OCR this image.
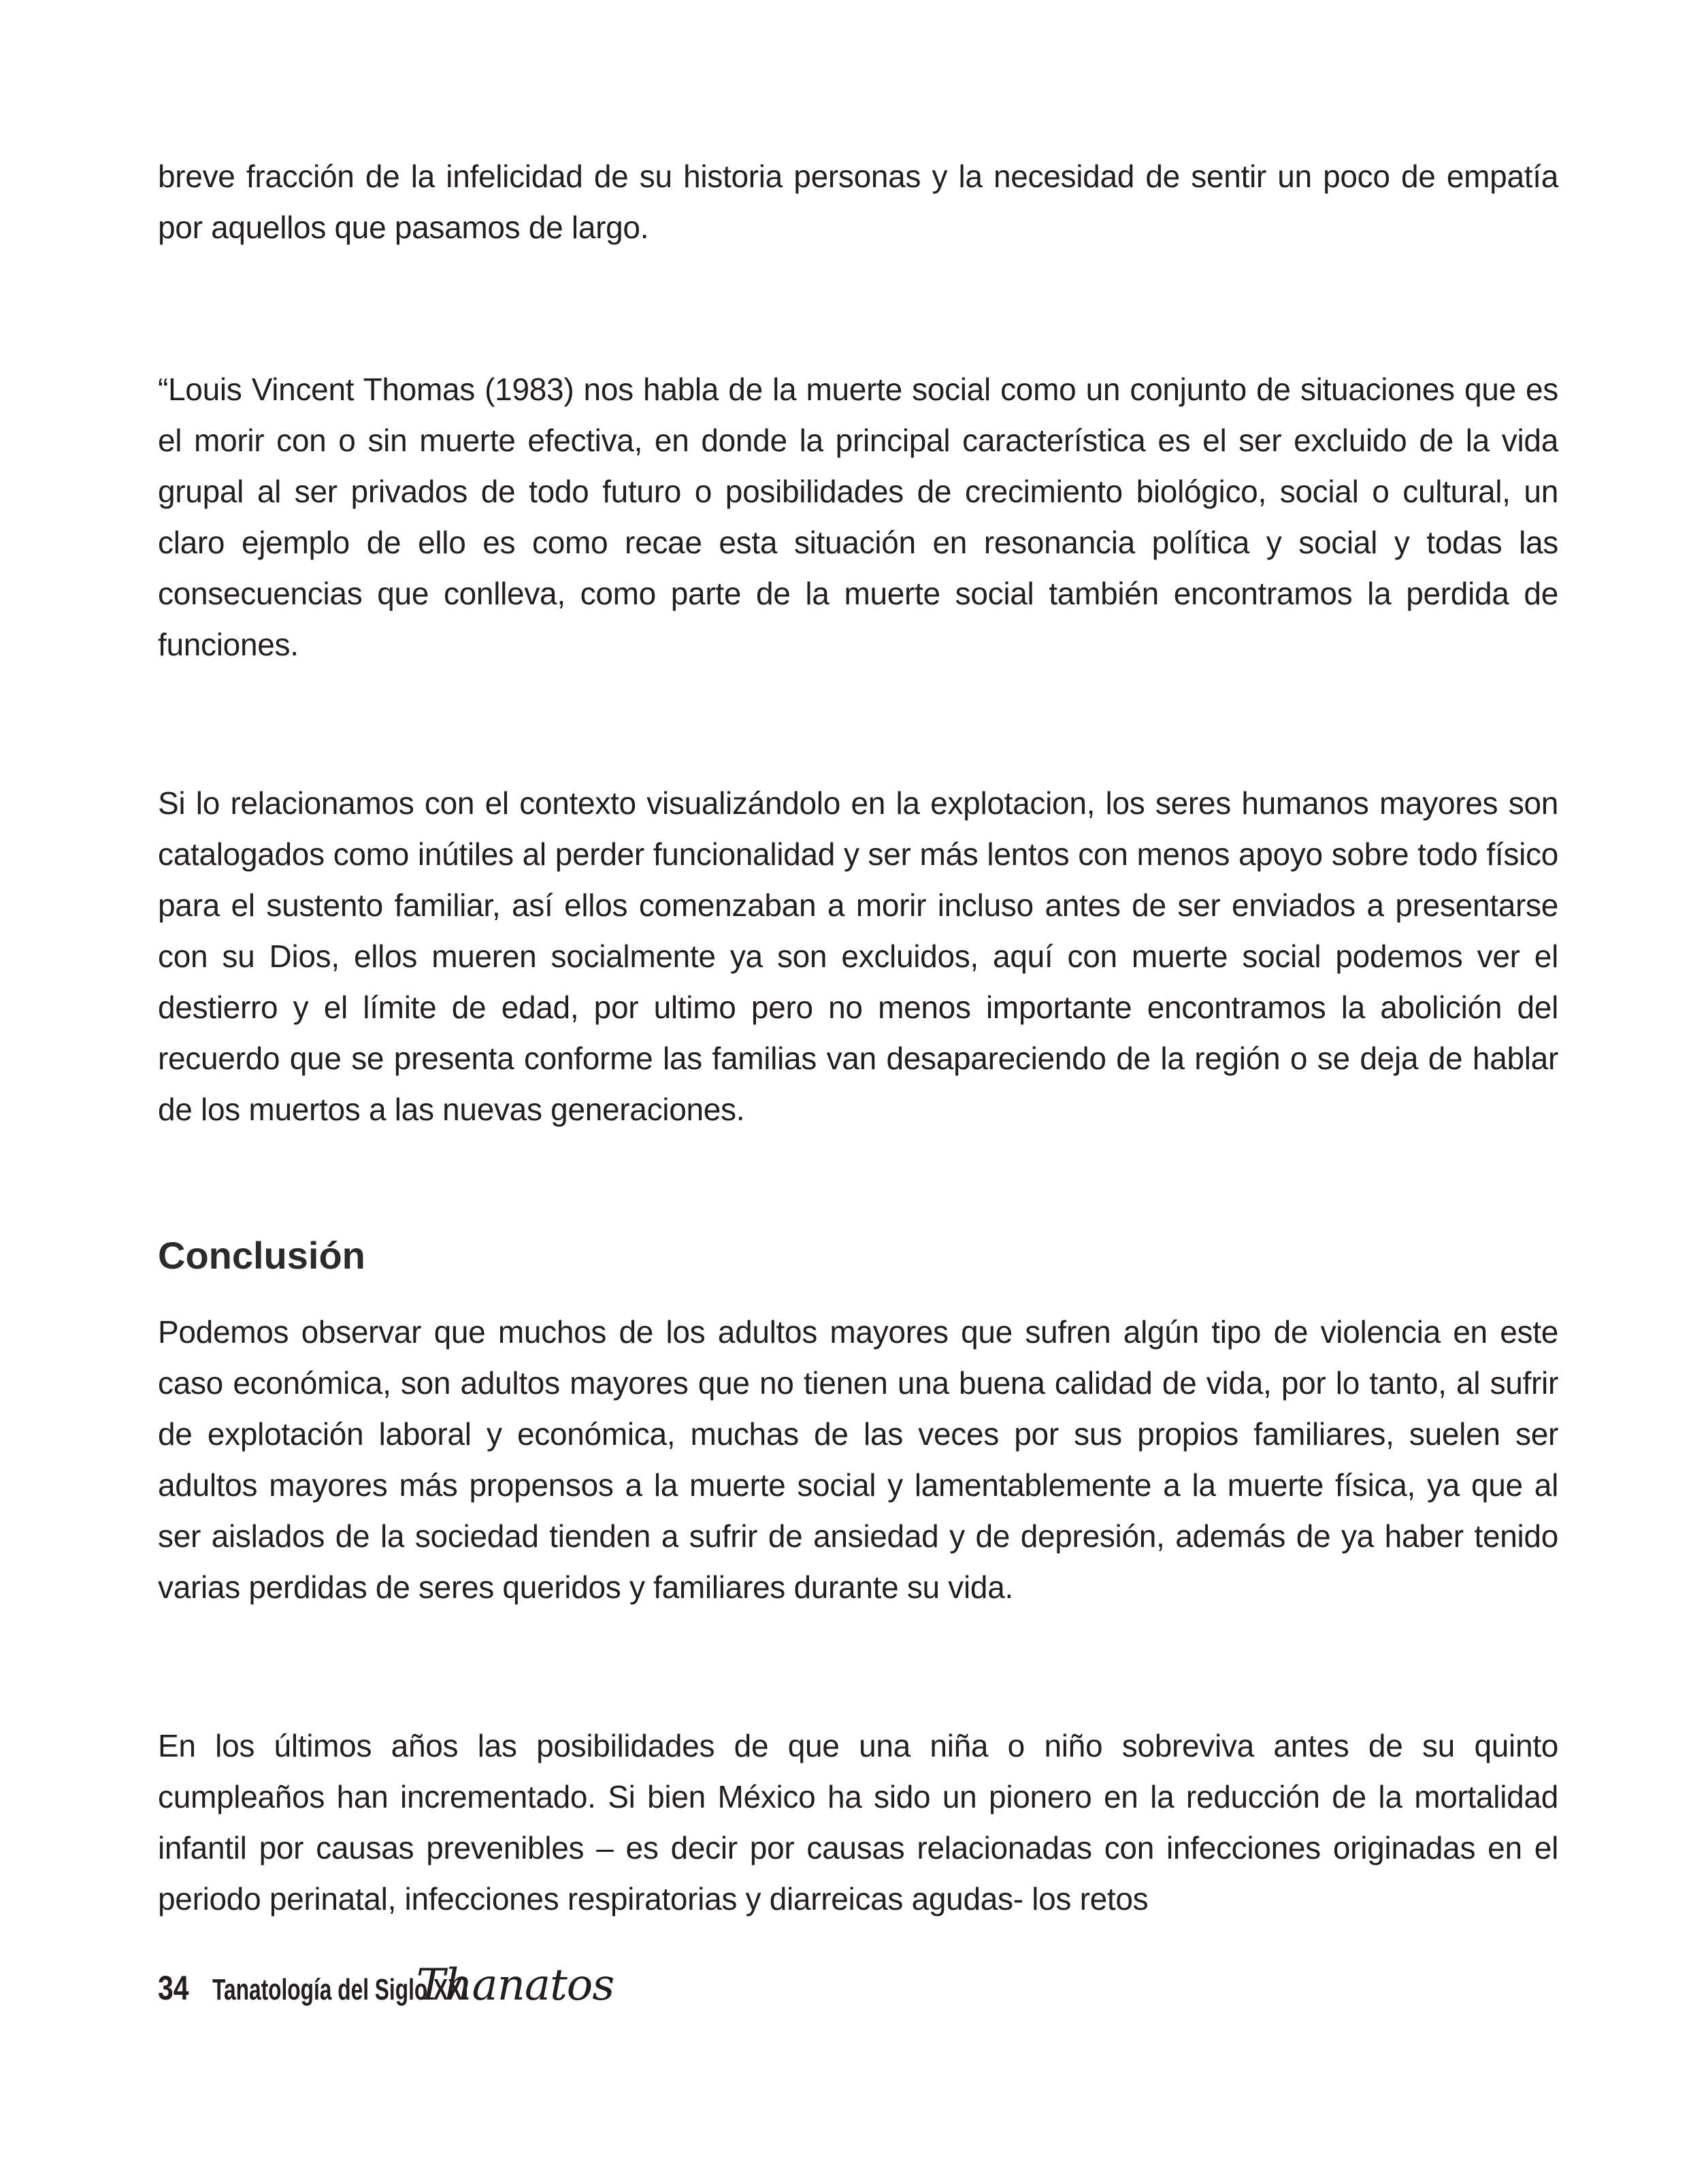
breve fracción de la infelicidad de su historia personas y la necesidad de sentir un poco de empatía por aquellos que pasamos de largo.

“Louis Vincent Thomas (1983) nos habla de la muerte social como un conjunto de situaciones que es el morir con o sin muerte efectiva, en donde la principal característica es el ser excluido de la vida grupal al ser privados de todo futuro o posibilidades de crecimiento biológico, social o cultural, un claro ejemplo de ello es como recae esta situación en resonancia política y social y todas las consecuencias que conlleva, como parte de la muerte social también encontramos la perdida de funciones.

Si lo relacionamos con el contexto visualizándolo en la explotacion, los seres humanos mayores son catalogados como inútiles al perder funcionalidad y ser más lentos con menos apoyo sobre todo físico para el sustento familiar, así ellos comenzaban a morir incluso antes de ser enviados a presentarse con su Dios, ellos mueren socialmente ya son excluidos, aquí con muerte social podemos ver el destierro y el límite de edad, por ultimo pero no menos importante encontramos la abolición del recuerdo que se presenta conforme las familias van desapareciendo de la región o se deja de hablar de los muertos a las nuevas generaciones.

Conclusión

Podemos observar que muchos de los adultos mayores que sufren algún tipo de violencia en este caso económica, son adultos mayores que no tienen una buena calidad de vida, por lo tanto, al sufrir de explotación laboral y económica, muchas de las veces por sus propios familiares, suelen ser adultos mayores más propensos a la muerte social y lamentablemente a la muerte física, ya que al ser aislados de la sociedad tienden a sufrir de ansiedad y de depresión, además de ya haber tenido varias perdidas de seres queridos y familiares durante su vida.

En los últimos años las posibilidades de que una niña o niño sobreviva antes de su quinto cumpleaños han incrementado. Si bien México ha sido un pionero en la reducción de la mortalidad infantil por causas prevenibles – es decir por causas relacionadas con infecciones originadas en el periodo perinatal, infecciones respiratorias y diarreicas agudas- los retos

34 Tanatología del Siglo XXI
Thanatos
